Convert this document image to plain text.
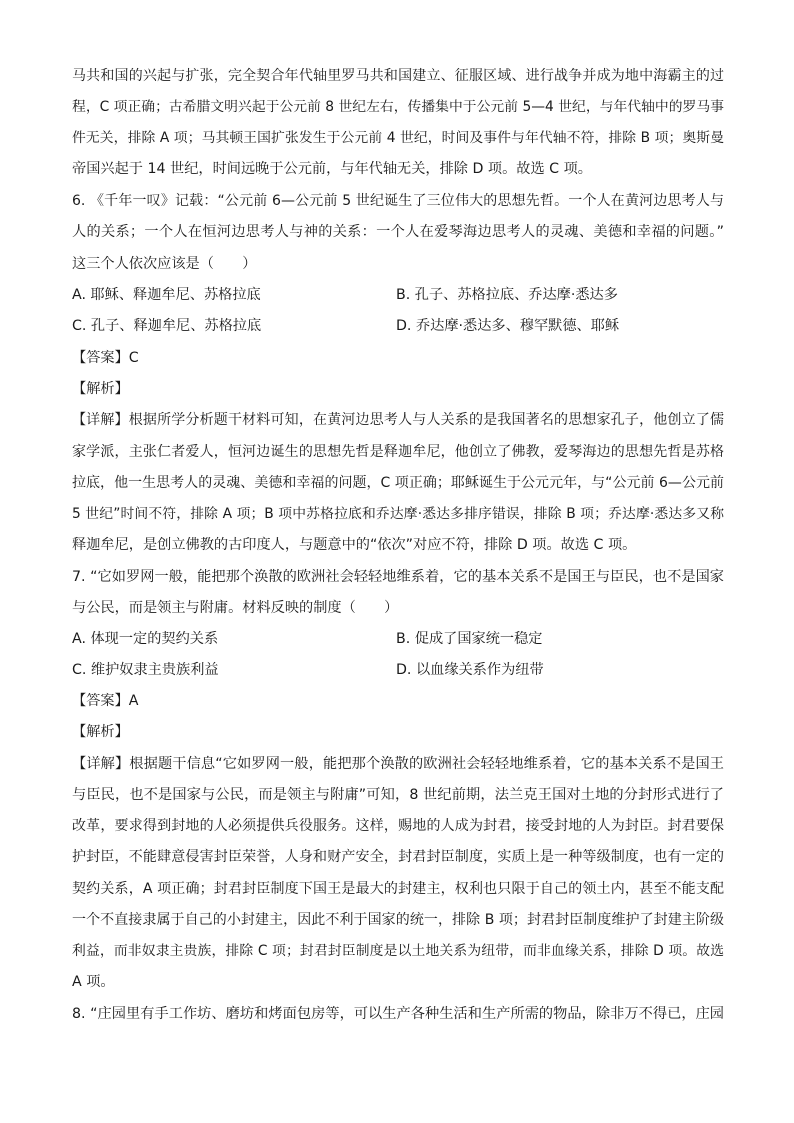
马共和国的兴起与扩张，完全契合年代轴里罗马共和国建立、征服区域、进行战争并成为地中海霸主的过
程，C 项正确；古希腊文明兴起于公元前 8 世纪左右，传播集中于公元前 5—4 世纪，与年代轴中的罗马事
件无关，排除 A 项；马其顿王国扩张发生于公元前 4 世纪，时间及事件与年代轴不符，排除 B 项；奥斯曼
帝国兴起于 14 世纪，时间远晚于公元前，与年代轴无关，排除 D 项。故选 C 项。
6. 《千年一叹》记载：“公元前 6—公元前 5 世纪诞生了三位伟大的思想先哲。一个人在黄河边思考人与
人的关系；一个人在恒河边思考人与神的关系：一个人在爱琴海边思考人的灵魂、美德和幸福的问题。”
这三个人依次应该是（　　）
A. 耶稣、释迦牟尼、苏格拉底	B. 孔子、苏格拉底、乔达摩·悉达多
C. 孔子、释迦牟尼、苏格拉底	D. 乔达摩·悉达多、穆罕默德、耶稣
【答案】C
【解析】
【详解】根据所学分析题干材料可知，在黄河边思考人与人关系的是我国著名的思想家孔子，他创立了儒
家学派，主张仁者爱人，恒河边诞生的思想先哲是释迦牟尼，他创立了佛教，爱琴海边的思想先哲是苏格
拉底，他一生思考人的灵魂、美德和幸福的问题，C 项正确；耶稣诞生于公元元年，与“公元前 6—公元前
5 世纪”时间不符，排除 A 项；B 项中苏格拉底和乔达摩·悉达多排序错误，排除 B 项；乔达摩·悉达多又称
释迦牟尼，是创立佛教的古印度人，与题意中的“依次”对应不符，排除 D 项。故选 C 项。
7. “它如罗网一般，能把那个涣散的欧洲社会轻轻地维系着，它的基本关系不是国王与臣民，也不是国家
与公民，而是领主与附庸。材料反映的制度（　　）
A. 体现一定的契约关系	B. 促成了国家统一稳定
C. 维护奴隶主贵族利益	D. 以血缘关系作为纽带
【答案】A
【解析】
【详解】根据题干信息“它如罗网一般，能把那个涣散的欧洲社会轻轻地维系着，它的基本关系不是国王
与臣民，也不是国家与公民，而是领主与附庸”可知，8 世纪前期，法兰克王国对土地的分封形式进行了
改革，要求得到封地的人必须提供兵役服务。这样，赐地的人成为封君，接受封地的人为封臣。封君要保
护封臣，不能肆意侵害封臣荣誉，人身和财产安全，封君封臣制度，实质上是一种等级制度，也有一定的
契约关系，A 项正确；封君封臣制度下国王是最大的封建主，权利也只限于自己的领土内，甚至不能支配
一个不直接隶属于自己的小封建主，因此不利于国家的统一，排除 B 项；封君封臣制度维护了封建主阶级
利益，而非奴隶主贵族，排除 C 项；封君封臣制度是以土地关系为纽带，而非血缘关系，排除 D 项。故选
A 项。
8. “庄园里有手工作坊、磨坊和烤面包房等，可以生产各种生活和生产所需的物品，除非万不得已，庄园
